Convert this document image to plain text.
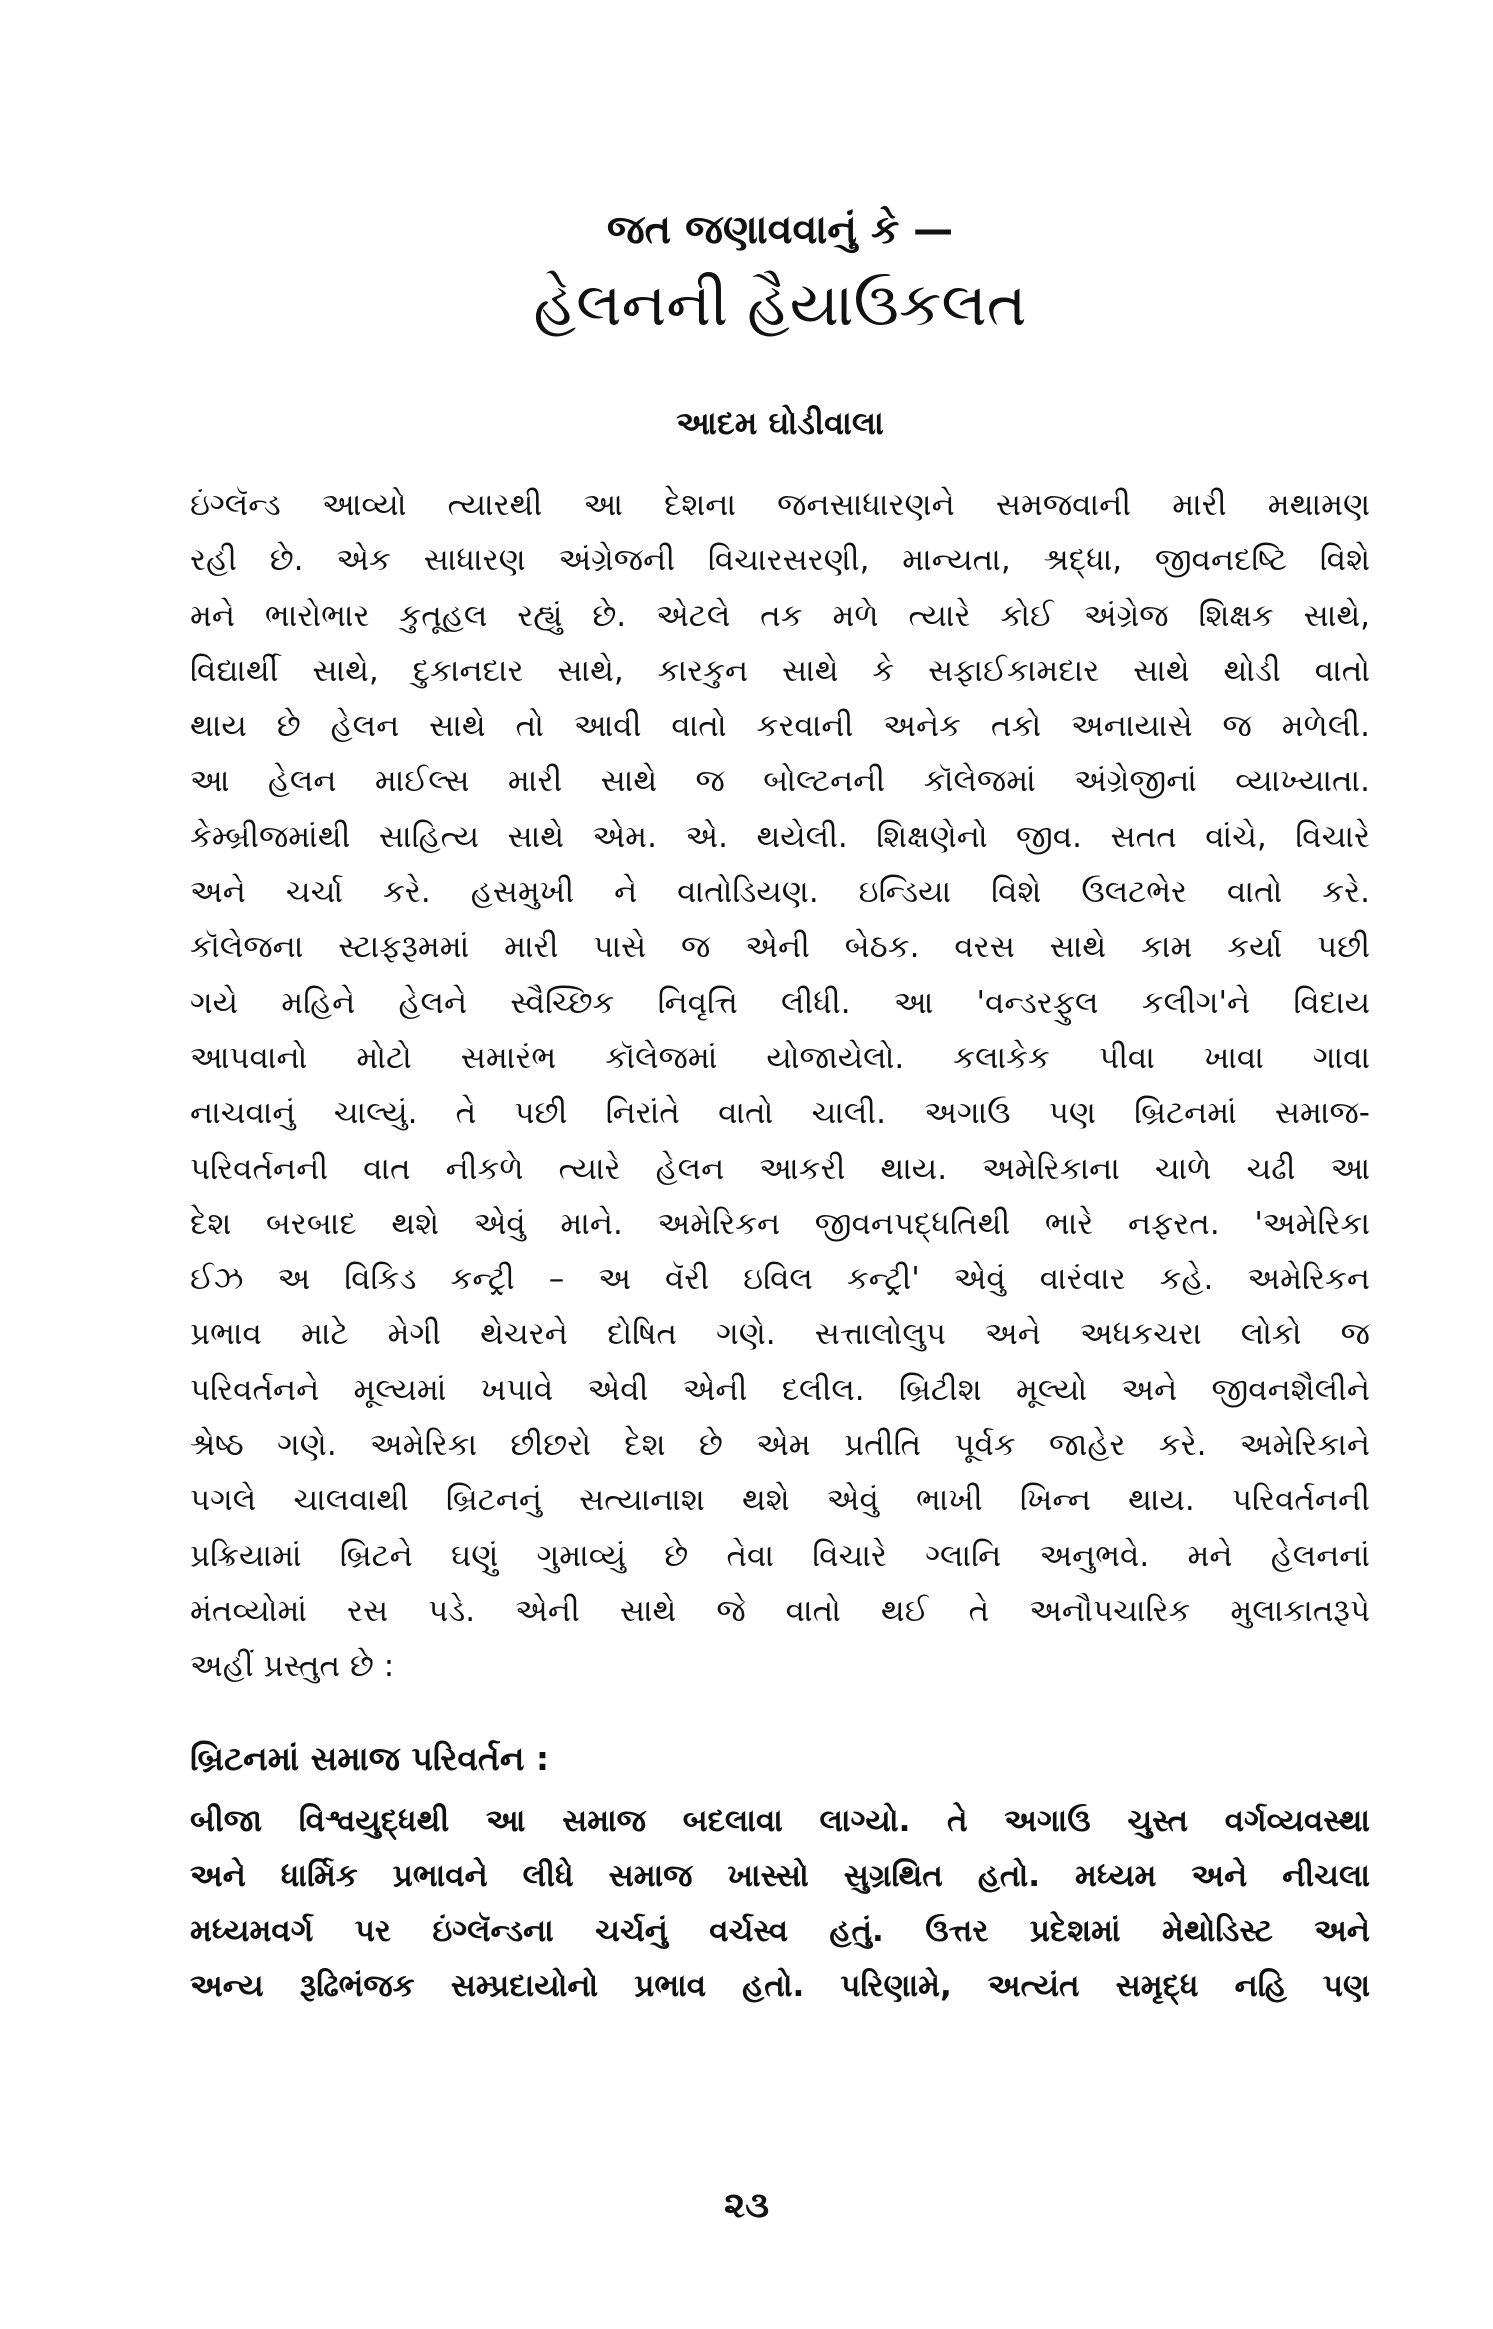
જત જણાવવાનું કે —
હેલનની હૈયાઉકલત
આદમ ઘોડીવાલા

ઇંગ્લૅન્ડ આવ્યો ત્યારથી આ દેશના જનસાધારણને સમજવાની મારી મથામણ
રહી છે. એક સાધારણ અંગ્રેજની વિચારસરણી, માન્યતા, શ્રદ્ધા, જીવનદષ્ટિ વિશે
મને ભારોભાર કુતૂહલ રહ્યું છે. એટલે તક મળે ત્યારે કોઈ અંગ્રેજ શિક્ષક સાથે,
વિદ્યાર્થી સાથે, દુકાનદાર સાથે, કારકુન સાથે કે સફાઈકામદાર સાથે થોડી વાતો
થાય છે હેલન સાથે તો આવી વાતો કરવાની અનેક તકો અનાયાસે જ મળેલી.
આ હેલન માઈલ્સ મારી સાથે જ બોલ્ટનની કૉલેજમાં અંગ્રેજીનાં વ્યાખ્યાતા.
કેમ્બ્રીજમાંથી સાહિત્ય સાથે એમ. એ. થયેલી. શિક્ષણેનો જીવ. સતત વાંચે, વિચારે
અને ચર્ચા કરે. હસમુખી ને વાતોડિયણ. ઇન્ડિયા વિશે ઉલટભેર વાતો કરે.
કૉલેજના સ્ટાફરૂમમાં મારી પાસે જ એની બેઠક. વરસ સાથે કામ કર્યા પછી
ગયે મહિને હેલને સ્વૈચ્છિક નિવૃત્તિ લીધી. આ 'વન્ડરફુલ કલીગ'ને વિદાય
આપવાનો મોટો સમારંભ કૉલેજમાં યોજાયેલો. કલાકેક પીવા ખાવા ગાવા
નાચવાનું ચાલ્યું. તે પછી નિરાંતે વાતો ચાલી. અગાઉ પણ બ્રિટનમાં સમાજ-
પરિવર્તનની વાત નીકળે ત્યારે હેલન આકરી થાય. અમેરિકાના ચાળે ચઢી આ
દેશ બરબાદ થશે એવું માને. અમેરિકન જીવનપદ્ધતિથી ભારે નફરત. 'અમેરિકા
ઈઝ અ વિકિડ કન્ટ્રી – અ વૅરી ઇવિલ કન્ટ્રી' એવું વારંવાર કહે. અમેરિકન
પ્રભાવ માટે મેગી થેચરને દોષિત ગણે. સત્તાલોલુપ અને અધકચરા લોકો જ
પરિવર્તનને મૂલ્યમાં ખપાવે એવી એની દલીલ. બ્રિટીશ મૂલ્યો અને જીવનશૈલીને
શ્રેષ્ઠ ગણે. અમેરિકા છીછરો દેશ છે એમ પ્રતીતિ પૂર્વક જાહેર કરે. અમેરિકાને
પગલે ચાલવાથી બ્રિટનનું સત્યાનાશ થશે એવું ભાખી ખિન્ન થાય. પરિવર્તનની
પ્રક્રિયામાં બ્રિટને ઘણું ગુમાવ્યું છે તેવા વિચારે ગ્લાનિ અનુભવે. મને હેલનનાં
મંતવ્યોમાં રસ પડે. એની સાથે જે વાતો થઈ તે અનૌપચારિક મુલાકાતરૂપે
અહીં પ્રસ્તુત છે :

બ્રિટનમાં સમાજ પરિવર્તન :

બીજા વિશ્વયુદ્ધથી આ સમાજ બદલાવા લાગ્યો. તે અગાઉ ચુસ્ત વર્ગવ્યવસ્થા
અને ધાર્મિક પ્રભાવને લીધે સમાજ ખાસ્સો સુગ્રથિત હતો. મધ્યમ અને નીચલા
મધ્યમવર્ગ પર ઇંગ્લૅન્ડના ચર્ચનું વર્ચસ્વ હતું. ઉત્તર પ્રદેશમાં મેથોડિસ્ટ અને
અન્ય રૂઢિભંજક સમ્પ્રદાયોનો પ્રભાવ હતો. પરિણામે, અત્યંત સમૃદ્ધ નહિ પણ

૨૩
